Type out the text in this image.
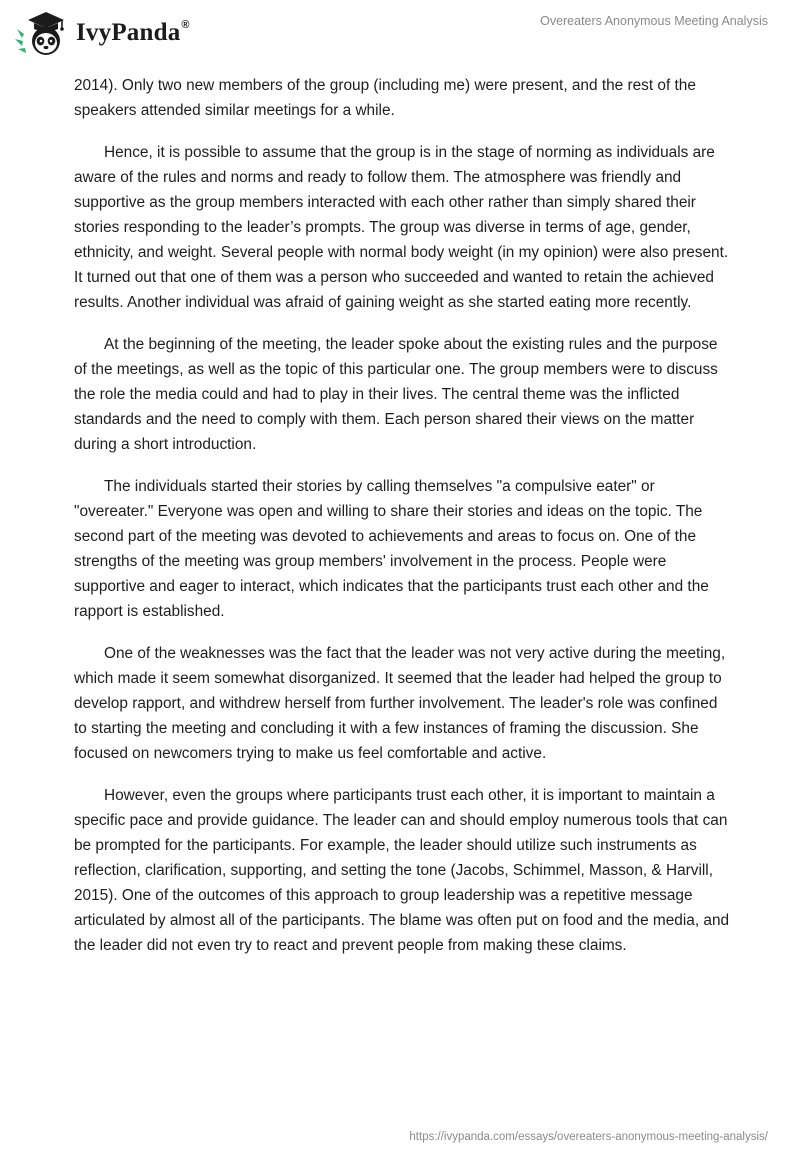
IvyPanda®	Overeaters Anonymous Meeting Analysis

2014). Only two new members of the group (including me) were present, and the rest of the speakers attended similar meetings for a while.

Hence, it is possible to assume that the group is in the stage of norming as individuals are aware of the rules and norms and ready to follow them. The atmosphere was friendly and supportive as the group members interacted with each other rather than simply shared their stories responding to the leader’s prompts. The group was diverse in terms of age, gender, ethnicity, and weight. Several people with normal body weight (in my opinion) were also present. It turned out that one of them was a person who succeeded and wanted to retain the achieved results. Another individual was afraid of gaining weight as she started eating more recently.

At the beginning of the meeting, the leader spoke about the existing rules and the purpose of the meetings, as well as the topic of this particular one. The group members were to discuss the role the media could and had to play in their lives. The central theme was the inflicted standards and the need to comply with them. Each person shared their views on the matter during a short introduction.

The individuals started their stories by calling themselves "a compulsive eater" or "overeater." Everyone was open and willing to share their stories and ideas on the topic. The second part of the meeting was devoted to achievements and areas to focus on. One of the strengths of the meeting was group members' involvement in the process. People were supportive and eager to interact, which indicates that the participants trust each other and the rapport is established.

One of the weaknesses was the fact that the leader was not very active during the meeting, which made it seem somewhat disorganized. It seemed that the leader had helped the group to develop rapport, and withdrew herself from further involvement. The leader's role was confined to starting the meeting and concluding it with a few instances of framing the discussion. She focused on newcomers trying to make us feel comfortable and active.

However, even the groups where participants trust each other, it is important to maintain a specific pace and provide guidance. The leader can and should employ numerous tools that can be prompted for the participants. For example, the leader should utilize such instruments as reflection, clarification, supporting, and setting the tone (Jacobs, Schimmel, Masson, & Harvill, 2015). One of the outcomes of this approach to group leadership was a repetitive message articulated by almost all of the participants. The blame was often put on food and the media, and the leader did not even try to react and prevent people from making these claims.

https://ivypanda.com/essays/overeaters-anonymous-meeting-analysis/
